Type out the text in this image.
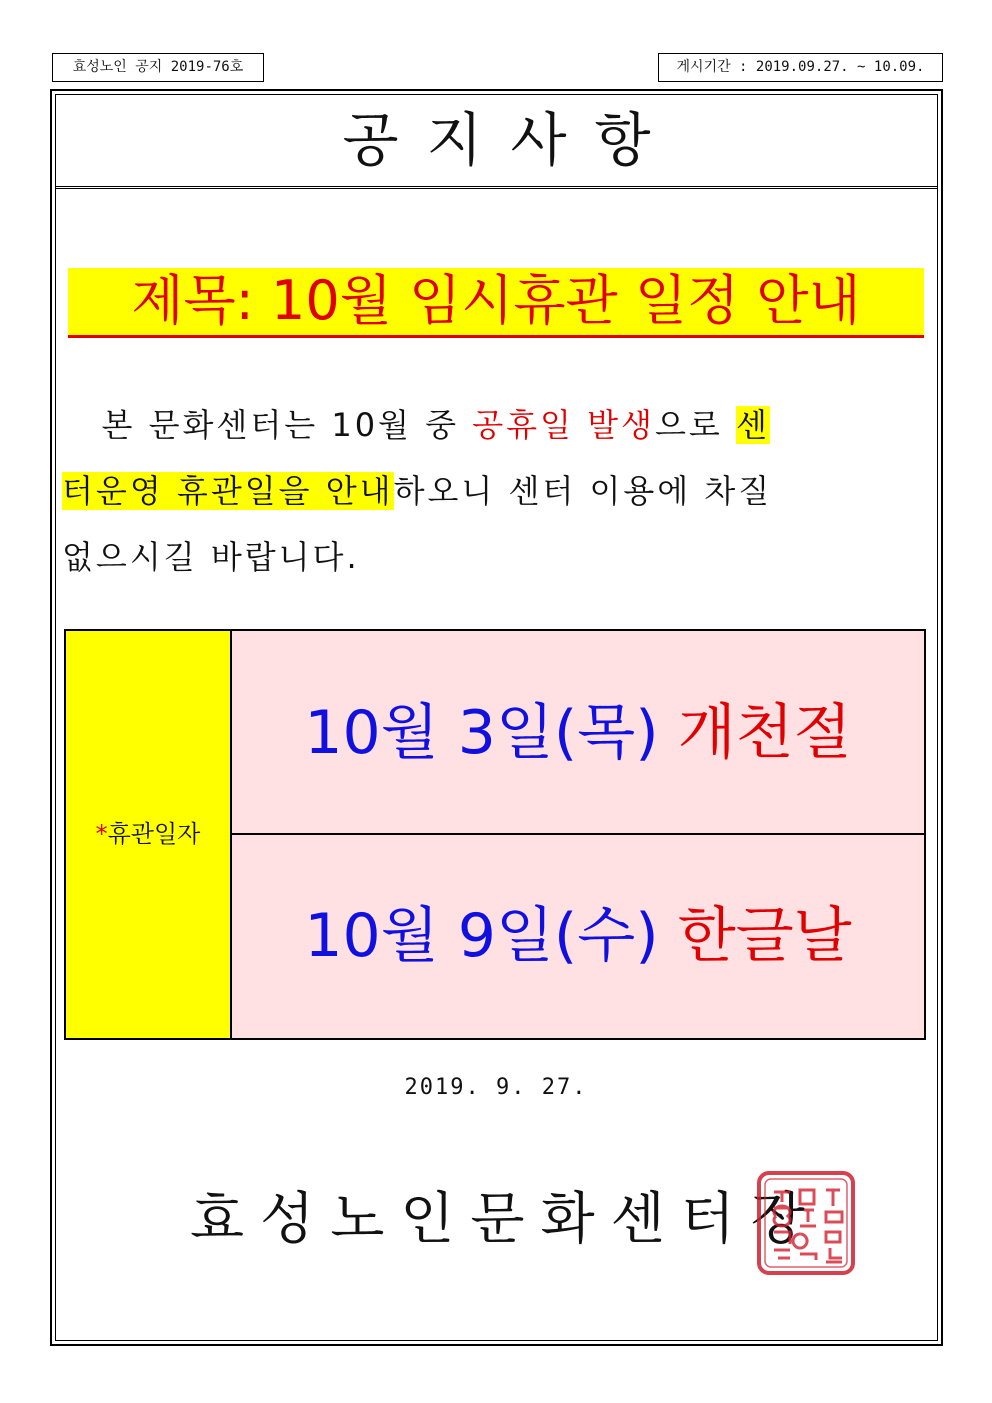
효성노인 공지 2019-76호	게시기간 : 2019.09.27. ~ 10.09.
공지사항
제목: 10월 임시휴관 일정 안내
본 문화센터는 10월 중 공휴일 발생으로 센
터운영 휴관일을 안내하오니 센터 이용에 차질
없으시길 바랍니다.
*휴관일자
10월 3일(목) 개천절
10월 9일(수) 한글날
2019. 9. 27.
효성노인문화센터장
